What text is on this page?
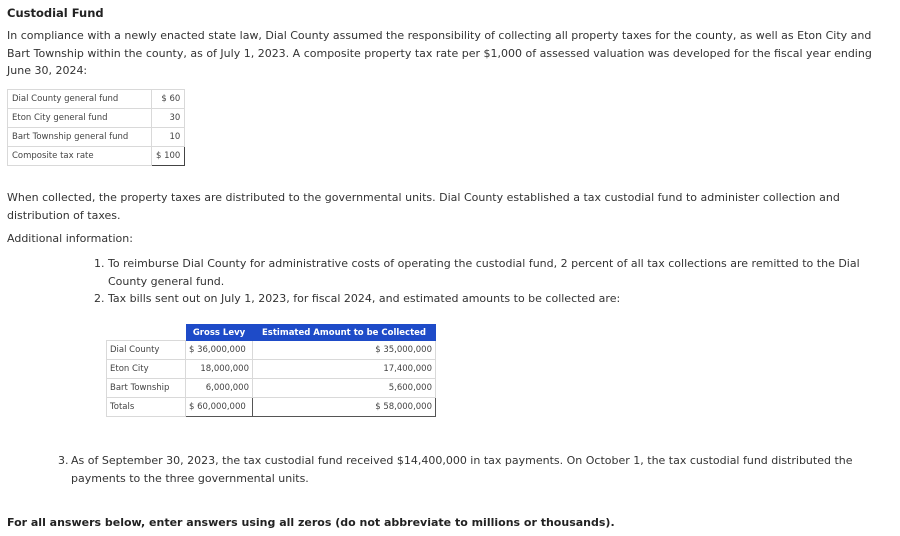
Custodial Fund
In compliance with a newly enacted state law, Dial County assumed the responsibility of collecting all property taxes for the county, as well as Eton City and Bart Township within the county, as of July 1, 2023. A composite property tax rate per $1,000 of assessed valuation was developed for the fiscal year ending June 30, 2024:
Dial County general fund	$ 60
Eton City general fund	30
Bart Township general fund	10
Composite tax rate	$ 100
When collected, the property taxes are distributed to the governmental units. Dial County established a tax custodial fund to administer collection and distribution of taxes.
Additional information:
1. To reimburse Dial County for administrative costs of operating the custodial fund, 2 percent of all tax collections are remitted to the Dial County general fund.
2. Tax bills sent out on July 1, 2023, for fiscal 2024, and estimated amounts to be collected are:
	Gross Levy	Estimated Amount to be Collected
Dial County	$ 36,000,000	$ 35,000,000
Eton City	18,000,000	17,400,000
Bart Township	6,000,000	5,600,000
Totals	$ 60,000,000	$ 58,000,000
3. As of September 30, 2023, the tax custodial fund received $14,400,000 in tax payments. On October 1, the tax custodial fund distributed the payments to the three governmental units.
For all answers below, enter answers using all zeros (do not abbreviate to millions or thousands).
